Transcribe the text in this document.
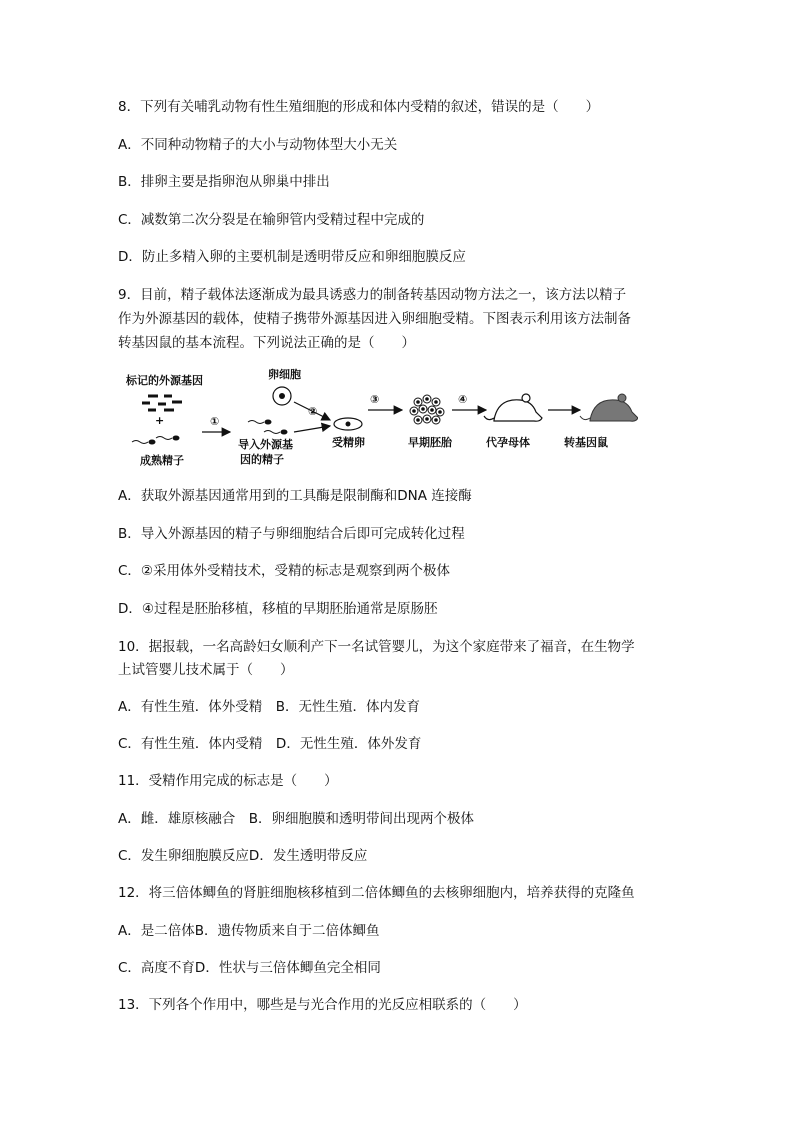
8．下列有关哺乳动物有性生殖细胞的形成和体内受精的叙述，错误的是（　　）
A．不同种动物精子的大小与动物体型大小无关
B．排卵主要是指卵泡从卵巢中排出
C．减数第二次分裂是在输卵管内受精过程中完成的
D．防止多精入卵的主要机制是透明带反应和卵细胞膜反应
9．目前，精子载体法逐渐成为最具诱惑力的制备转基因动物方法之一，该方法以精子
作为外源基因的载体，使精子携带外源基因进入卵细胞受精。下图表示利用该方法制备
转基因鼠的基本流程。下列说法正确的是（　　）
标记的外源基因
+
成熟精子
①
导入外源基
因的精子
卵细胞
②
受精卵
③
早期胚胎
④
代孕母体	转基因鼠
A．获取外源基因通常用到的工具酶是限制酶和DNA 连接酶
B．导入外源基因的精子与卵细胞结合后即可完成转化过程
C．②采用体外受精技术，受精的标志是观察到两个极体
D．④过程是胚胎移植，移植的早期胚胎通常是原肠胚
10．据报载，一名高龄妇女顺利产下一名试管婴儿，为这个家庭带来了福音，在生物学
上试管婴儿技术属于（　　）
A．有性生殖．体外受精　B．无性生殖．体内发育
C．有性生殖．体内受精　D．无性生殖．体外发育
11．受精作用完成的标志是（　　）
A．雌．雄原核融合　B．卵细胞膜和透明带间出现两个极体
C．发生卵细胞膜反应D．发生透明带反应
12．将三倍体鲫鱼的肾脏细胞核移植到二倍体鲫鱼的去核卵细胞内，培养获得的克隆鱼
A．是二倍体B．遗传物质来自于二倍体鲫鱼
C．高度不育D．性状与三倍体鲫鱼完全相同
13．下列各个作用中，哪些是与光合作用的光反应相联系的（　　）
